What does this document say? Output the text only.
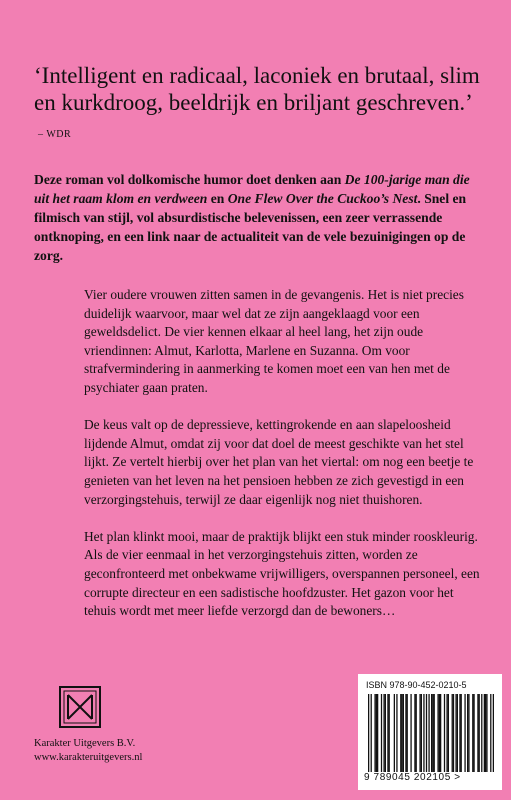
‘Intelligent en radicaal, laconiek en brutaal, slim en kurkdroog, beeldrijk en briljant geschreven.’ – WDR
Deze roman vol dolkomische humor doet denken aan De 100-jarige man die uit het raam klom en verdween en One Flew Over the Cuckoo’s Nest. Snel en filmisch van stijl, vol absurdistische belevenissen, een zeer verrassende ontknoping, en een link naar de actualiteit van de vele bezuinigingen op de zorg.

Vier oudere vrouwen zitten samen in de gevangenis. Het is niet precies duidelijk waarvoor, maar wel dat ze zijn aangeklaagd voor een geweldsdelict. De vier kennen elkaar al heel lang, het zijn oude vriendinnen: Almut, Karlotta, Marlene en Suzanna. Om voor strafvermindering in aanmerking te komen moet een van hen met de psychiater gaan praten.

De keus valt op de depressieve, kettingrokende en aan slapeloosheid lijdende Almut, omdat zij voor dat doel de meest geschikte van het stel lijkt. Ze vertelt hierbij over het plan van het viertal: om nog een beetje te genieten van het leven na het pensioen hebben ze zich gevestigd in een verzorgingstehuis, terwijl ze daar eigenlijk nog niet thuishoren.

Het plan klinkt mooi, maar de praktijk blijkt een stuk minder rooskleurig. Als de vier eenmaal in het verzorgingstehuis zitten, worden ze geconfronteerd met onbekwame vrijwilligers, overspannen personeel, een corrupte directeur en een sadistische hoofdzuster. Het gazon voor het tehuis wordt met meer liefde verzorgd dan de bewoners…

Karakter Uitgevers B.V.
www.karakteruitgevers.nl
ISBN 978-90-452-0210-5
9 789045 202105 >
